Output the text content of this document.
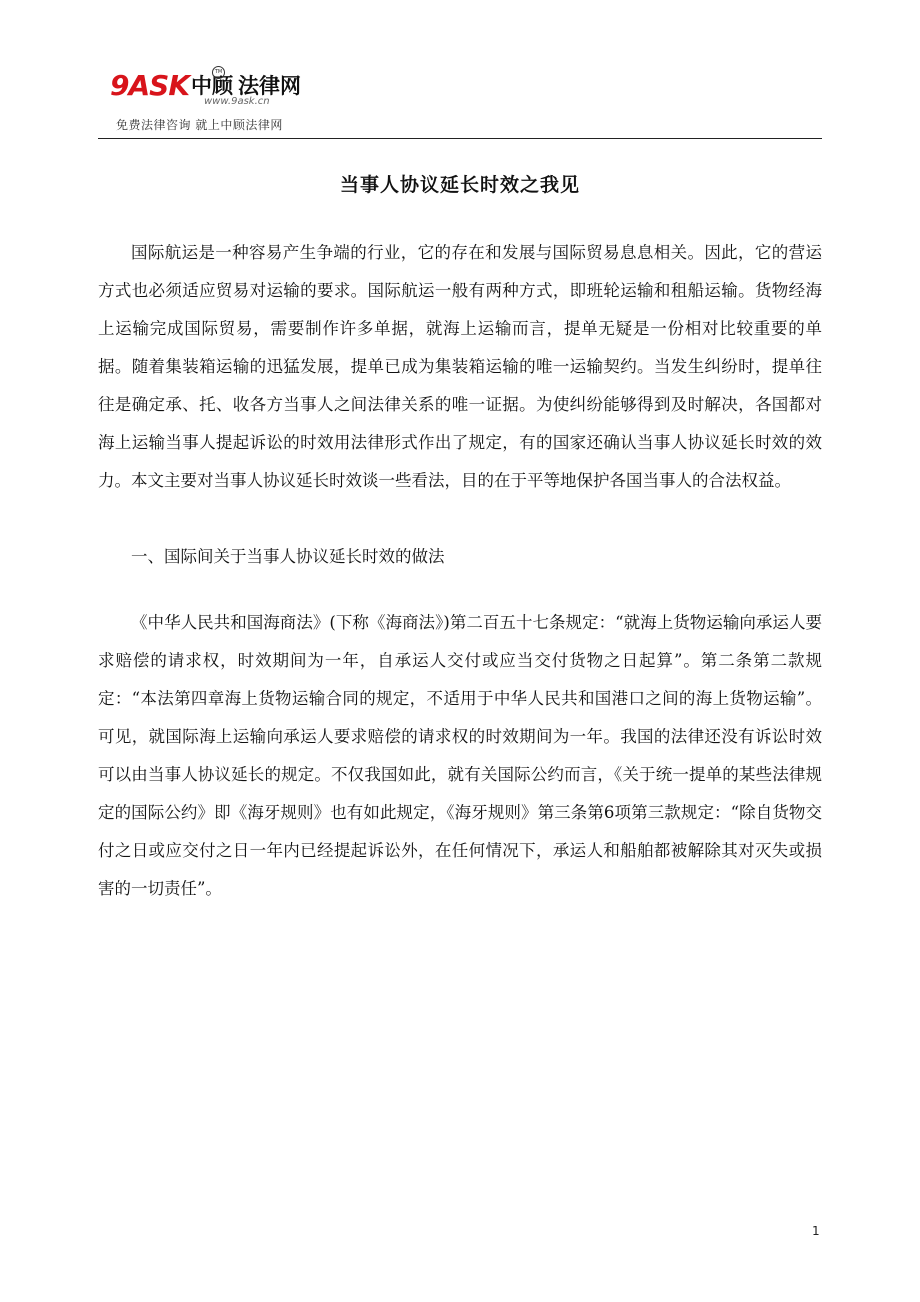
9ASK 中顾 法律网
TM
www.9ask.cn
免费法律咨询 就上中顾法律网
当事人协议延长时效之我见

国际航运是一种容易产生争端的行业，它的存在和发展与国际贸易息息相关。因此，它的营运方式也必须适应贸易对运输的要求。国际航运一般有两种方式，即班轮运输和租船运输。货物经海上运输完成国际贸易，需要制作许多单据，就海上运输而言，提单无疑是一份相对比较重要的单据。随着集装箱运输的迅猛发展，提单已成为集装箱运输的唯一运输契约。当发生纠纷时，提单往往是确定承、托、收各方当事人之间法律关系的唯一证据。为使纠纷能够得到及时解决，各国都对海上运输当事人提起诉讼的时效用法律形式作出了规定，有的国家还确认当事人协议延长时效的效力。本文主要对当事人协议延长时效谈一些看法，目的在于平等地保护各国当事人的合法权益。

一、国际间关于当事人协议延长时效的做法

《中华人民共和国海商法》(下称《海商法》)第二百五十七条规定：“就海上货物运输向承运人要求赔偿的请求权，时效期间为一年，自承运人交付或应当交付货物之日起算”。第二条第二款规定：“本法第四章海上货物运输合同的规定，不适用于中华人民共和国港口之间的海上货物运输”。可见，就国际海上运输向承运人要求赔偿的请求权的时效期间为一年。我国的法律还没有诉讼时效可以由当事人协议延长的规定。不仅我国如此，就有关国际公约而言，《关于统一提单的某些法律规定的国际公约》即《海牙规则》也有如此规定，《海牙规则》第三条第6项第三款规定：“除自货物交付之日或应交付之日一年内已经提起诉讼外，在任何情况下，承运人和船舶都被解除其对灭失或损害的一切责任”。

1
